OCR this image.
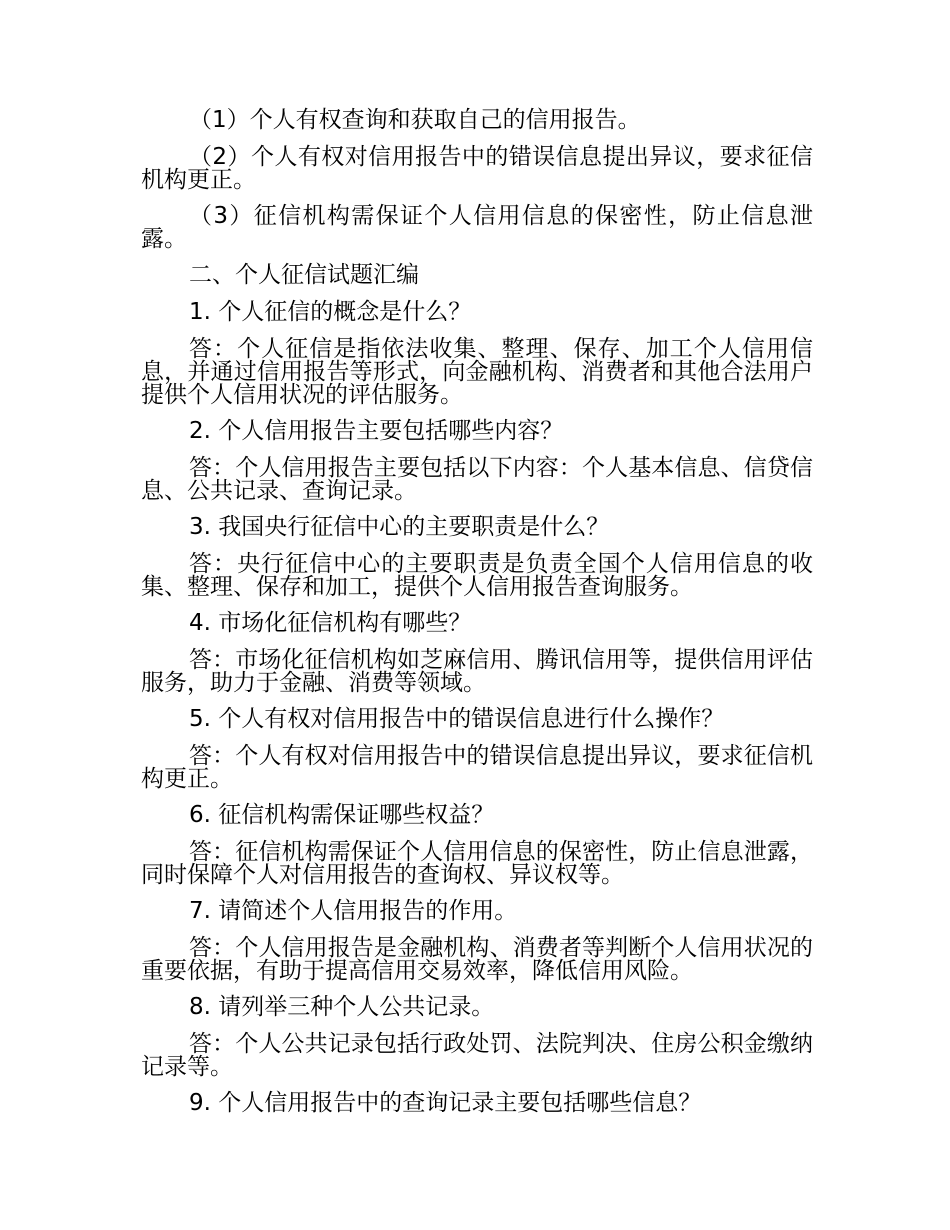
（1）个人有权查询和获取自己的信用报告。

（2）个人有权对信用报告中的错误信息提出异议，要求征信机构更正。

（3）征信机构需保证个人信用信息的保密性，防止信息泄露。

二、个人征信试题汇编

1. 个人征信的概念是什么？

答：个人征信是指依法收集、整理、保存、加工个人信用信息，并通过信用报告等形式，向金融机构、消费者和其他合法用户提供个人信用状况的评估服务。

2. 个人信用报告主要包括哪些内容？

答：个人信用报告主要包括以下内容：个人基本信息、信贷信息、公共记录、查询记录。

3. 我国央行征信中心的主要职责是什么？

答：央行征信中心的主要职责是负责全国个人信用信息的收集、整理、保存和加工，提供个人信用报告查询服务。

4. 市场化征信机构有哪些？

答：市场化征信机构如芝麻信用、腾讯信用等，提供信用评估服务，助力于金融、消费等领域。

5. 个人有权对信用报告中的错误信息进行什么操作？

答：个人有权对信用报告中的错误信息提出异议，要求征信机构更正。

6. 征信机构需保证哪些权益？

答：征信机构需保证个人信用信息的保密性，防止信息泄露，同时保障个人对信用报告的查询权、异议权等。

7. 请简述个人信用报告的作用。

答：个人信用报告是金融机构、消费者等判断个人信用状况的重要依据，有助于提高信用交易效率，降低信用风险。

8. 请列举三种个人公共记录。

答：个人公共记录包括行政处罚、法院判决、住房公积金缴纳记录等。

9. 个人信用报告中的查询记录主要包括哪些信息？
